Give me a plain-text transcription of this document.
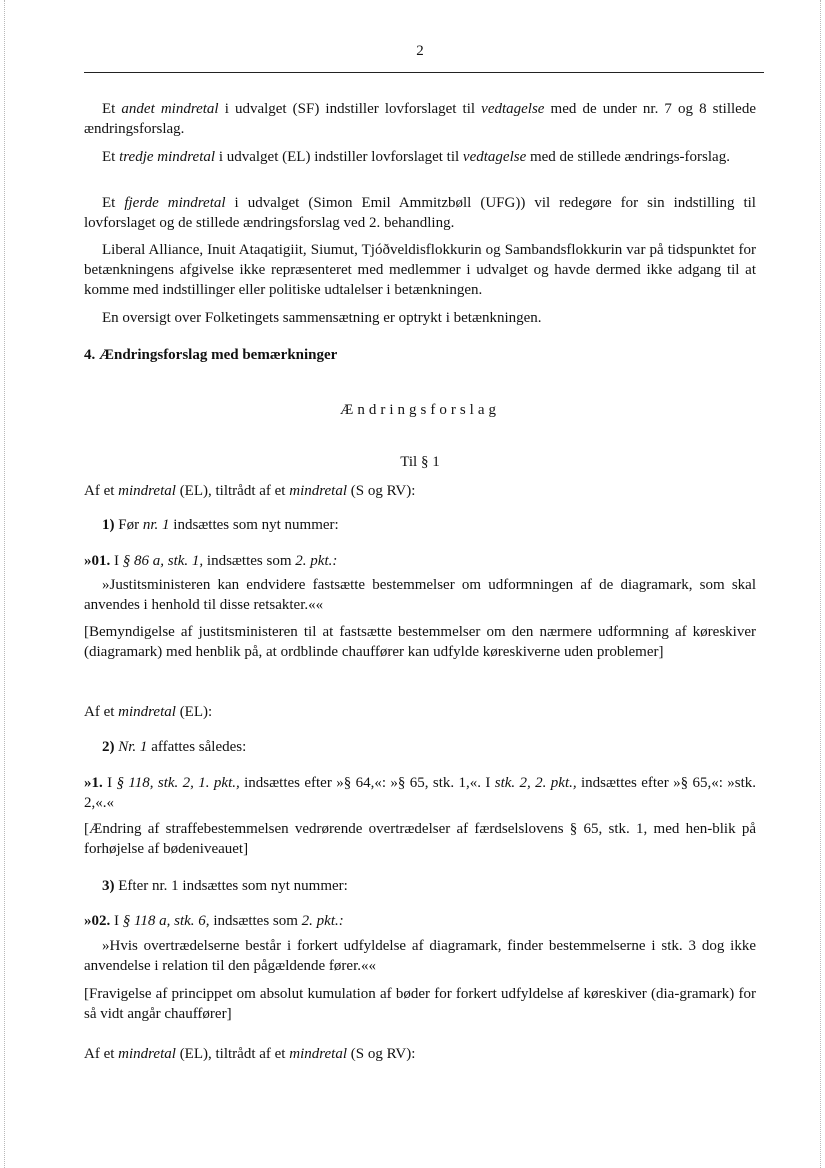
2

Et andet mindretal i udvalget (SF) indstiller lovforslaget til vedtagelse med de under nr. 7 og 8 stillede ændringsforslag.

Et tredje mindretal i udvalget (EL) indstiller lovforslaget til vedtagelse med de stillede ændrings-forslag.

Et fjerde mindretal i udvalget (Simon Emil Ammitzbøll (UFG)) vil redegøre for sin indstilling til lovforslaget og de stillede ændringsforslag ved 2. behandling.

Liberal Alliance, Inuit Ataqatigiit, Siumut, Tjóðveldisflokkurin og Sambandsflokkurin var på tidspunktet for betænkningens afgivelse ikke repræsenteret med medlemmer i udvalget og havde dermed ikke adgang til at komme med indstillinger eller politiske udtalelser i betænkningen.

En oversigt over Folketingets sammensætning er optrykt i betænkningen.

4. Ændringsforslag med bemærkninger

Ændringsforslag

Til § 1

Af et mindretal (EL), tiltrådt af et mindretal (S og RV):

1) Før nr. 1 indsættes som nyt nummer:

»01. I § 86 a, stk. 1, indsættes som 2. pkt.:

»Justitsministeren kan endvidere fastsætte bestemmelser om udformningen af de diagramark, som skal anvendes i henhold til disse retsakter.««

[Bemyndigelse af justitsministeren til at fastsætte bestemmelser om den nærmere udformning af køreskiver (diagramark) med henblik på, at ordblinde chauffører kan udfylde køreskiverne uden problemer]

Af et mindretal (EL):

2) Nr. 1 affattes således:

»1. I § 118, stk. 2, 1. pkt., indsættes efter »§ 64,«: »§ 65, stk. 1,«. I stk. 2, 2. pkt., indsættes efter »§ 65,«: »stk. 2,«.«

[Ændring af straffebestemmelsen vedrørende overtrædelser af færdselslovens § 65, stk. 1, med hen-blik på forhøjelse af bødeniveauet]

3) Efter nr. 1 indsættes som nyt nummer:

»02. I § 118 a, stk. 6, indsættes som 2. pkt.:

»Hvis overtrædelserne består i forkert udfyldelse af diagramark, finder bestemmelserne i stk. 3 dog ikke anvendelse i relation til den pågældende fører.««

[Fravigelse af princippet om absolut kumulation af bøder for forkert udfyldelse af køreskiver (dia-gramark) for så vidt angår chauffører]

Af et mindretal (EL), tiltrådt af et mindretal (S og RV):
